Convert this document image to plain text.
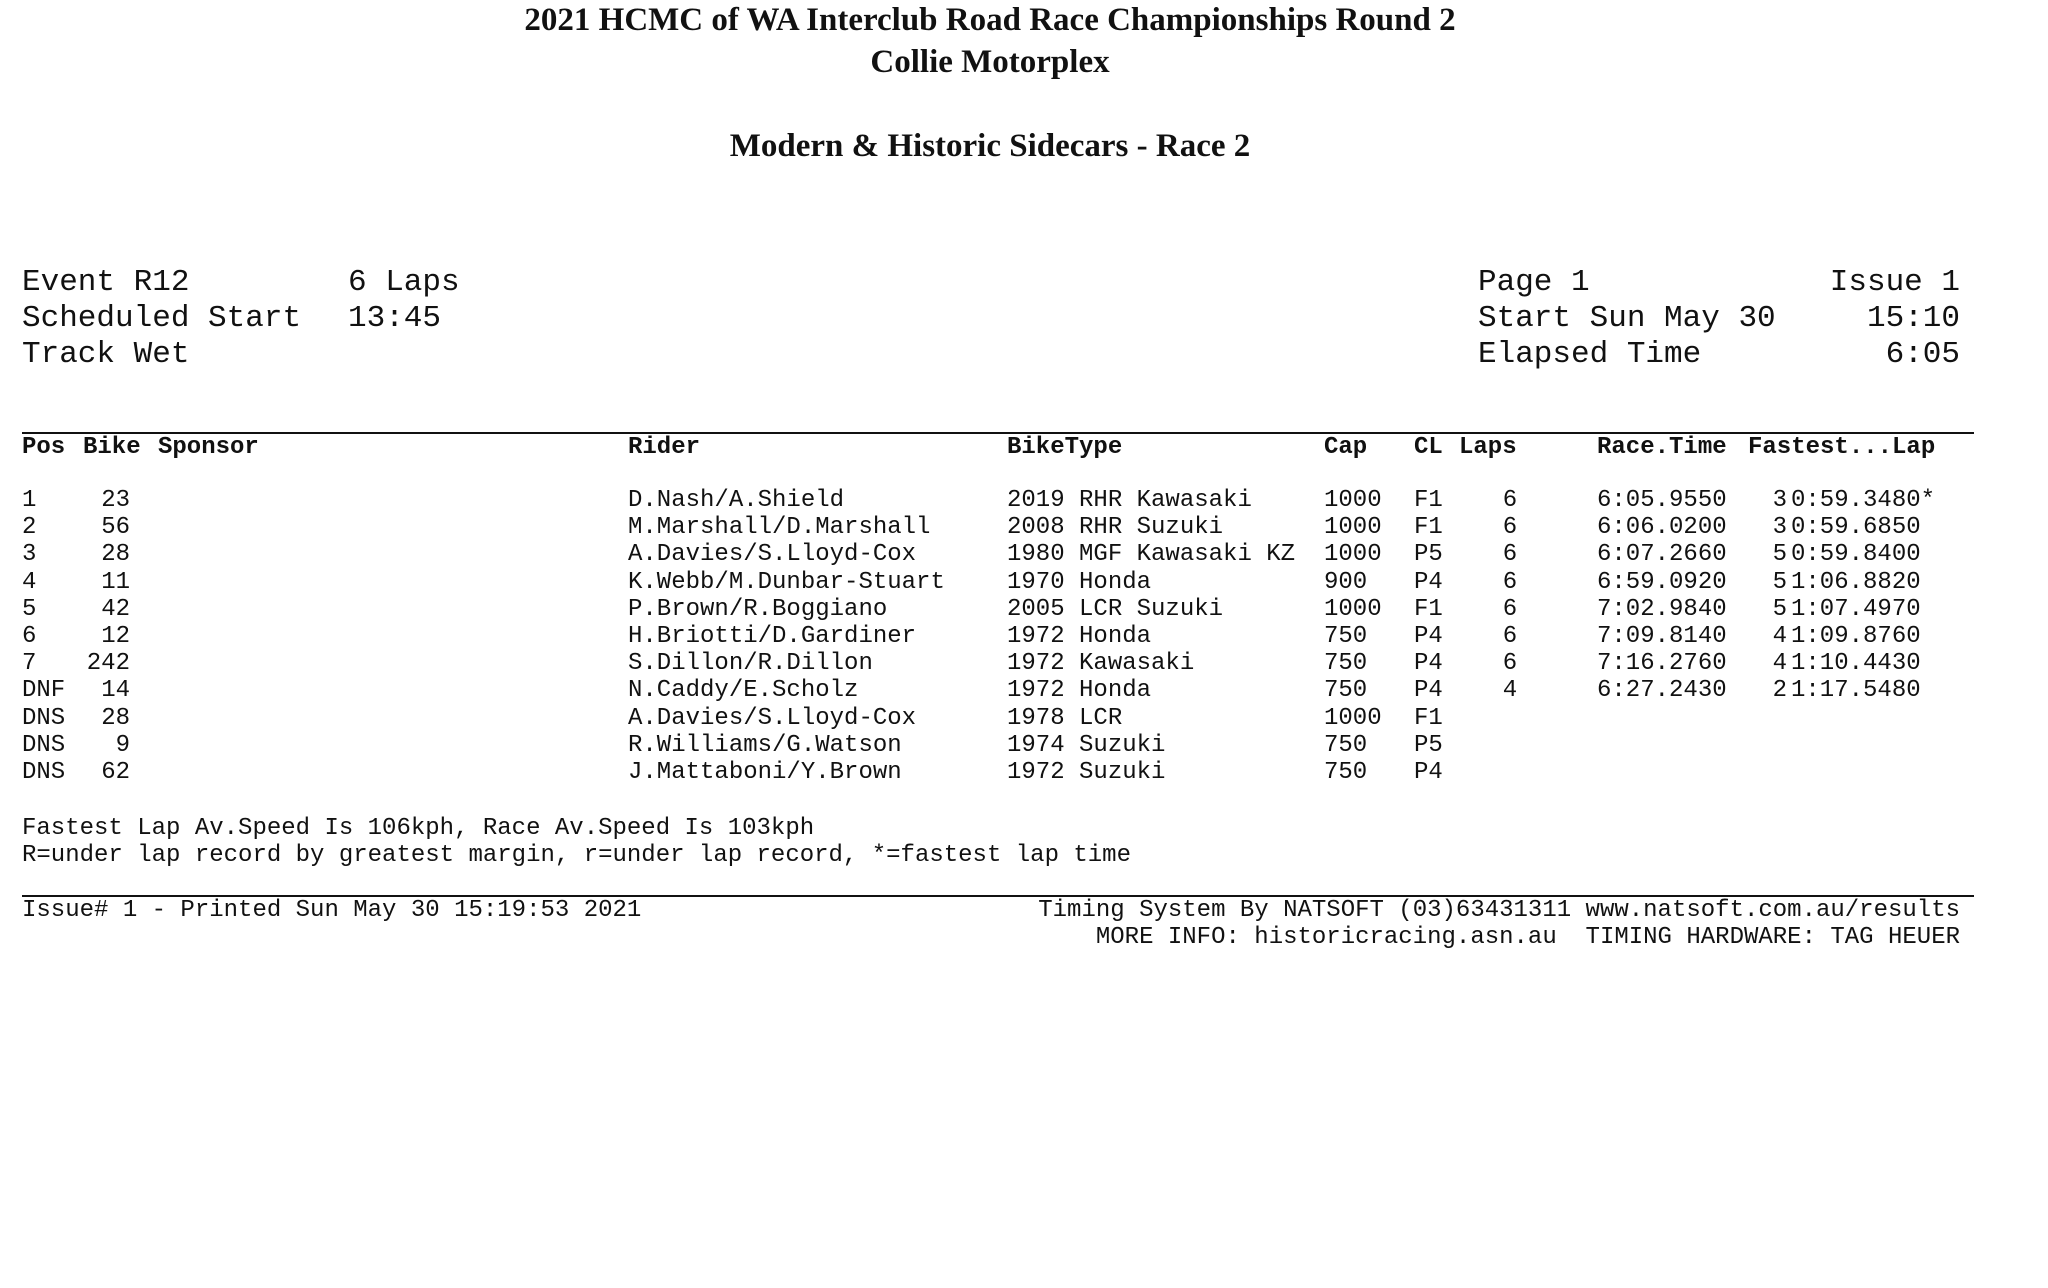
2021 HCMC of WA Interclub Road Race Championships Round 2
Collie Motorplex
Modern & Historic Sidecars - Race 2
Event R12	6 Laps
Scheduled Start 13:45
Track Wet
Page 1	Issue 1
Start Sun May 30	15:10
Elapsed Time	6:05
Pos Bike Sponsor	Rider	BikeType	Cap CL Laps	Race.Time Fastest...Lap
1	23	D.Nash/A.Shield	2019 RHR Kawasaki	1000	F1	6	6:05.9550	3 0:59.3480*
2	56	M.Marshall/D.Marshall	2008 RHR Suzuki	1000	F1	6	6:06.0200	3 0:59.6850
3	28	A.Davies/S.Lloyd-Cox	1980 MGF Kawasaki KZ	1000	P5	6	6:07.2660	5 0:59.8400
4	11	K.Webb/M.Dunbar-Stuart	1970 Honda	900	P4	6	6:59.0920	5 1:06.8820
5	42	P.Brown/R.Boggiano	2005 LCR Suzuki	1000	F1	6	7:02.9840	5 1:07.4970
6	12	H.Briotti/D.Gardiner	1972 Honda	750	P4	6	7:09.8140	4 1:09.8760
7	242	S.Dillon/R.Dillon	1972 Kawasaki	750	P4	6	7:16.2760	4 1:10.4430
DNF	14	N.Caddy/E.Scholz	1972 Honda	750	P4	4	6:27.2430	2 1:17.5480
DNS	28	A.Davies/S.Lloyd-Cox	1978 LCR	1000	F1
DNS	9	R.Williams/G.Watson	1974 Suzuki	750	P5
DNS	62	J.Mattaboni/Y.Brown	1972 Suzuki	750	P4
Fastest Lap Av.Speed Is 106kph, Race Av.Speed Is 103kph
R=under lap record by greatest margin, r=under lap record, *=fastest lap time
Issue# 1 - Printed Sun May 30 15:19:53 2021	Timing System By NATSOFT (03)63431311 www.natsoft.com.au/results
MORE INFO: historicracing.asn.au  TIMING HARDWARE: TAG HEUER
